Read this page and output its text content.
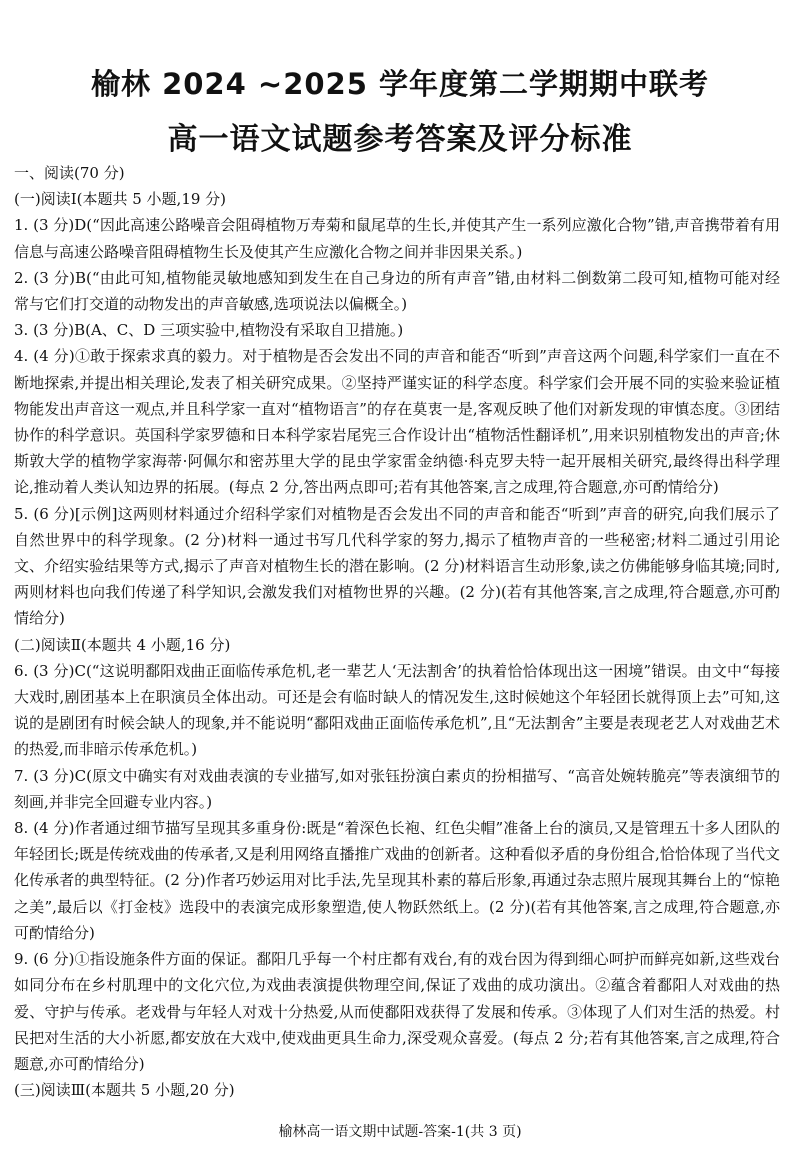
榆林 2024 ~2025 学年度第二学期期中联考
高一语文试题参考答案及评分标准

一、阅读(70 分)

(一)阅读Ⅰ(本题共 5 小题,19 分)

1. (3 分)D(“因此高速公路噪音会阻碍植物万寿菊和鼠尾草的生长,并使其产生一系列应激化合物”错,声音携带着有用信息与高速公路噪音阻碍植物生长及使其产生应激化合物之间并非因果关系。)

2. (3 分)B(“由此可知,植物能灵敏地感知到发生在自己身边的所有声音”错,由材料二倒数第二段可知,植物可能对经常与它们打交道的动物发出的声音敏感,选项说法以偏概全。)

3. (3 分)B(A、C、D 三项实验中,植物没有采取自卫措施。)

4. (4 分)①敢于探索求真的毅力。对于植物是否会发出不同的声音和能否“听到”声音这两个问题,科学家们一直在不断地探索,并提出相关理论,发表了相关研究成果。②坚持严谨实证的科学态度。科学家们会开展不同的实验来验证植物能发出声音这一观点,并且科学家一直对“植物语言”的存在莫衷一是,客观反映了他们对新发现的审慎态度。③团结协作的科学意识。英国科学家罗德和日本科学家岩尾宪三合作设计出“植物活性翻译机”,用来识别植物发出的声音;休斯敦大学的植物学家海蒂·阿佩尔和密苏里大学的昆虫学家雷金纳德·科克罗夫特一起开展相关研究,最终得出科学理论,推动着人类认知边界的拓展。(每点 2 分,答出两点即可;若有其他答案,言之成理,符合题意,亦可酌情给分)

5. (6 分)[示例]这两则材料通过介绍科学家们对植物是否会发出不同的声音和能否“听到”声音的研究,向我们展示了自然世界中的科学现象。(2 分)材料一通过书写几代科学家的努力,揭示了植物声音的一些秘密;材料二通过引用论文、介绍实验结果等方式,揭示了声音对植物生长的潜在影响。(2 分)材料语言生动形象,读之仿佛能够身临其境;同时,两则材料也向我们传递了科学知识,会激发我们对植物世界的兴趣。(2 分)(若有其他答案,言之成理,符合题意,亦可酌情给分)

(二)阅读Ⅱ(本题共 4 小题,16 分)

6. (3 分)C(“这说明鄱阳戏曲正面临传承危机,老一辈艺人‘无法割舍’的执着恰恰体现出这一困境”错误。由文中“每接大戏时,剧团基本上在职演员全体出动。可还是会有临时缺人的情况发生,这时候她这个年轻团长就得顶上去”可知,这说的是剧团有时候会缺人的现象,并不能说明“鄱阳戏曲正面临传承危机”,且“无法割舍”主要是表现老艺人对戏曲艺术的热爱,而非暗示传承危机。)

7. (3 分)C(原文中确实有对戏曲表演的专业描写,如对张钰扮演白素贞的扮相描写、“高音处婉转脆亮”等表演细节的刻画,并非完全回避专业内容。)

8. (4 分)作者通过细节描写呈现其多重身份:既是“着深色长袍、红色尖帽”准备上台的演员,又是管理五十多人团队的年轻团长;既是传统戏曲的传承者,又是利用网络直播推广戏曲的创新者。这种看似矛盾的身份组合,恰恰体现了当代文化传承者的典型特征。(2 分)作者巧妙运用对比手法,先呈现其朴素的幕后形象,再通过杂志照片展现其舞台上的“惊艳之美”,最后以《打金枝》选段中的表演完成形象塑造,使人物跃然纸上。(2 分)(若有其他答案,言之成理,符合题意,亦可酌情给分)

9. (6 分)①指设施条件方面的保证。鄱阳几乎每一个村庄都有戏台,有的戏台因为得到细心呵护而鲜亮如新,这些戏台如同分布在乡村肌理中的文化穴位,为戏曲表演提供物理空间,保证了戏曲的成功演出。②蕴含着鄱阳人对戏曲的热爱、守护与传承。老戏骨与年轻人对戏十分热爱,从而使鄱阳戏获得了发展和传承。③体现了人们对生活的热爱。村民把对生活的大小祈愿,都安放在大戏中,使戏曲更具生命力,深受观众喜爱。(每点 2 分;若有其他答案,言之成理,符合题意,亦可酌情给分)

(三)阅读Ⅲ(本题共 5 小题,20 分)

榆林高一语文期中试题-答案-1(共 3 页)
